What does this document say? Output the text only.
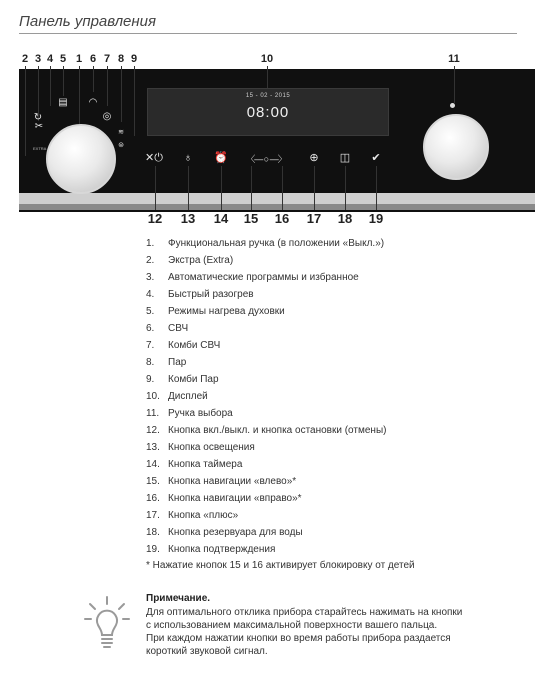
Панель управления
2 3 4 5 1 6 7 8 9	10	11
✂
↻
▤ ◠
◎
≋
⊜
EXTRA
15 - 02 - 2015
08:00
✕⏻	♁	⏰	〈— ○ —〉	⊕	◫	✔
12 13 14 15 16 17 18 19
1. Функциональная ручка (в положении «Выкл.»)
2. Экстра (Extra)
3. Автоматические программы и избранное
4. Быстрый разогрев
5. Режимы нагрева духовки
6. СВЧ
7. Комби СВЧ
8. Пар
9. Комби Пар
10. Дисплей
11. Ручка выбора
12. Кнопка вкл./выкл. и кнопка остановки (отмены)
13. Кнопка освещения
14. Кнопка таймера
15. Кнопка навигации «влево»*
16. Кнопка навигации «вправо»*
17. Кнопка «плюс»
18. Кнопка резервуара для воды
19. Кнопка подтверждения
* Нажатие кнопок 15 и 16 активирует блокировку от детей
Примечание.
Для оптимального отклика прибора старайтесь нажимать на кнопки
с использованием максимальной поверхности вашего пальца.
При каждом нажатии кнопки во время работы прибора раздается
короткий звуковой сигнал.
